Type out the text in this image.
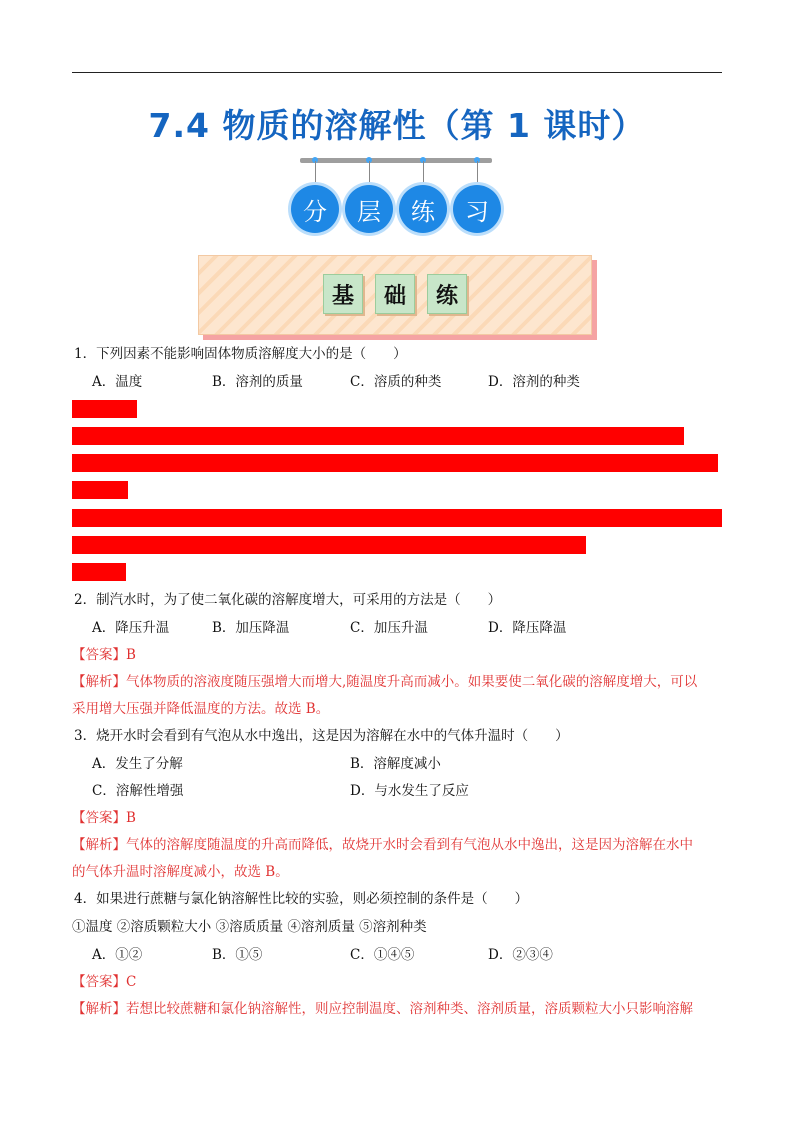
7.4 物质的溶解性（第 1 课时）
分	层	练	习
基	础	练
1．下列因素不能影响固体物质溶解度大小的是（　　）
A．温度	B．溶剂的质量	C．溶质的种类	D．溶剂的种类
2．制汽水时，为了使二氧化碳的溶解度增大，可采用的方法是（　　）
A．降压升温	B．加压降温	C．加压升温	D．降压降温
【答案】B
【解析】气体物质的溶液度随压强增大而增大,随温度升高而减小。如果要使二氧化碳的溶解度增大，可以
采用增大压强并降低温度的方法。故选 B。
3．烧开水时会看到有气泡从水中逸出，这是因为溶解在水中的气体升温时（　　）
A．发生了分解	B．溶解度减小
C．溶解性增强	D．与水发生了反应
【答案】B
【解析】气体的溶解度随温度的升高而降低，故烧开水时会看到有气泡从水中逸出，这是因为溶解在水中
的气体升温时溶解度减小，故选 B。
4．如果进行蔗糖与氯化钠溶解性比较的实验，则必须控制的条件是（　　）
①温度 ②溶质颗粒大小 ③溶质质量 ④溶剂质量 ⑤溶剂种类
A．①②	B．①⑤	C．①④⑤	D．②③④
【答案】C
【解析】若想比较蔗糖和氯化钠溶解性，则应控制温度、溶剂种类、溶剂质量，溶质颗粒大小只影响溶解
